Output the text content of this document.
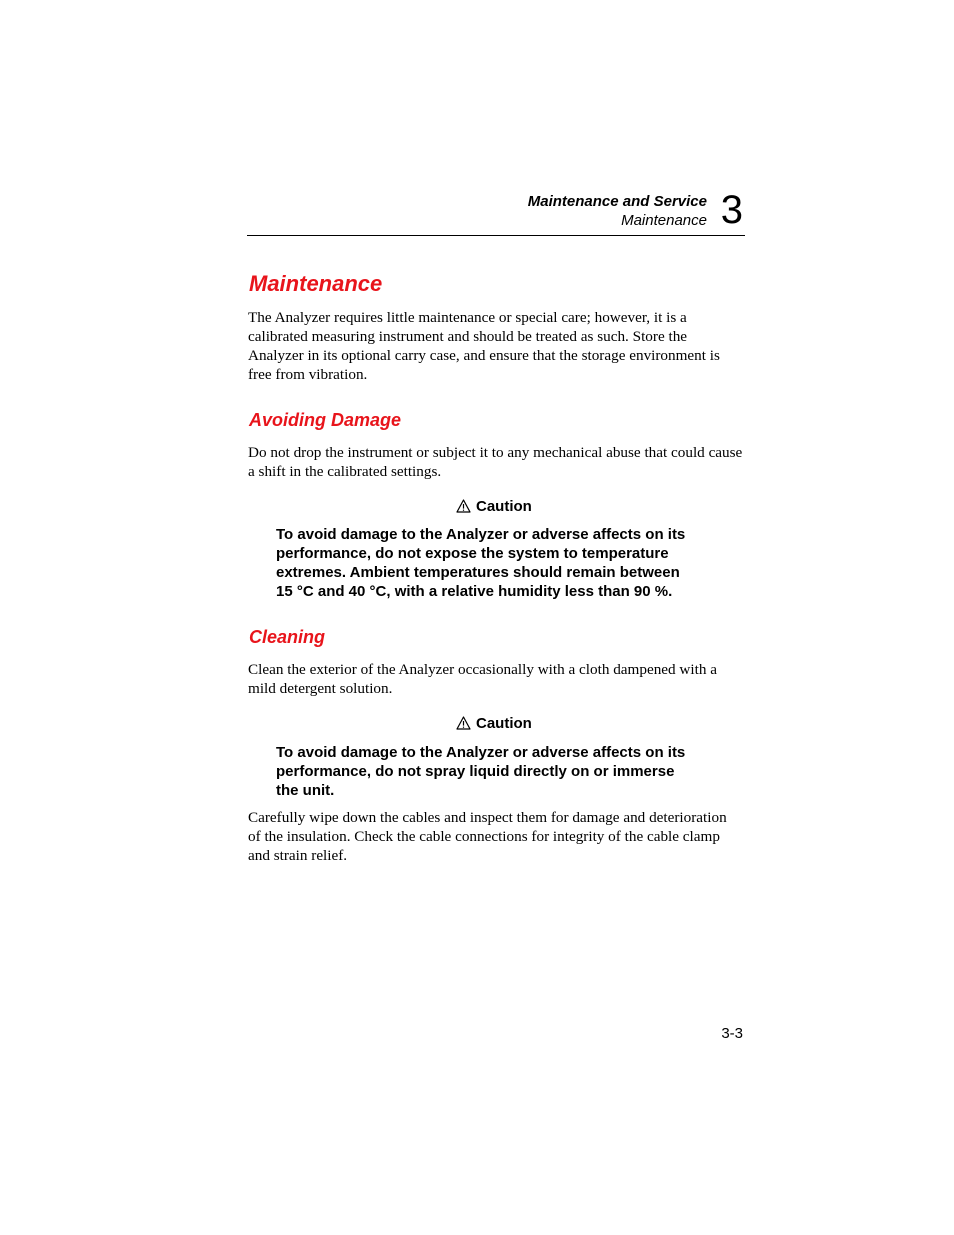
Maintenance and Service
Maintenance 3
Maintenance

The Analyzer requires little maintenance or special care; however, it is a calibrated measuring instrument and should be treated as such. Store the Analyzer in its optional carry case, and ensure that the storage environment is free from vibration.

Avoiding Damage

Do not drop the instrument or subject it to any mechanical abuse that could cause a shift in the calibrated settings.

Caution
To avoid damage to the Analyzer or adverse affects on its
performance, do not expose the system to temperature
extremes. Ambient temperatures should remain between
15 °C and 40 °C, with a relative humidity less than 90 %.
Cleaning

Clean the exterior of the Analyzer occasionally with a cloth dampened with a mild detergent solution.

Caution
To avoid damage to the Analyzer or adverse affects on its
performance, do not spray liquid directly on or immerse
the unit.

Carefully wipe down the cables and inspect them for damage and deterioration of the insulation. Check the cable connections for integrity of the cable clamp and strain relief.

3-3
